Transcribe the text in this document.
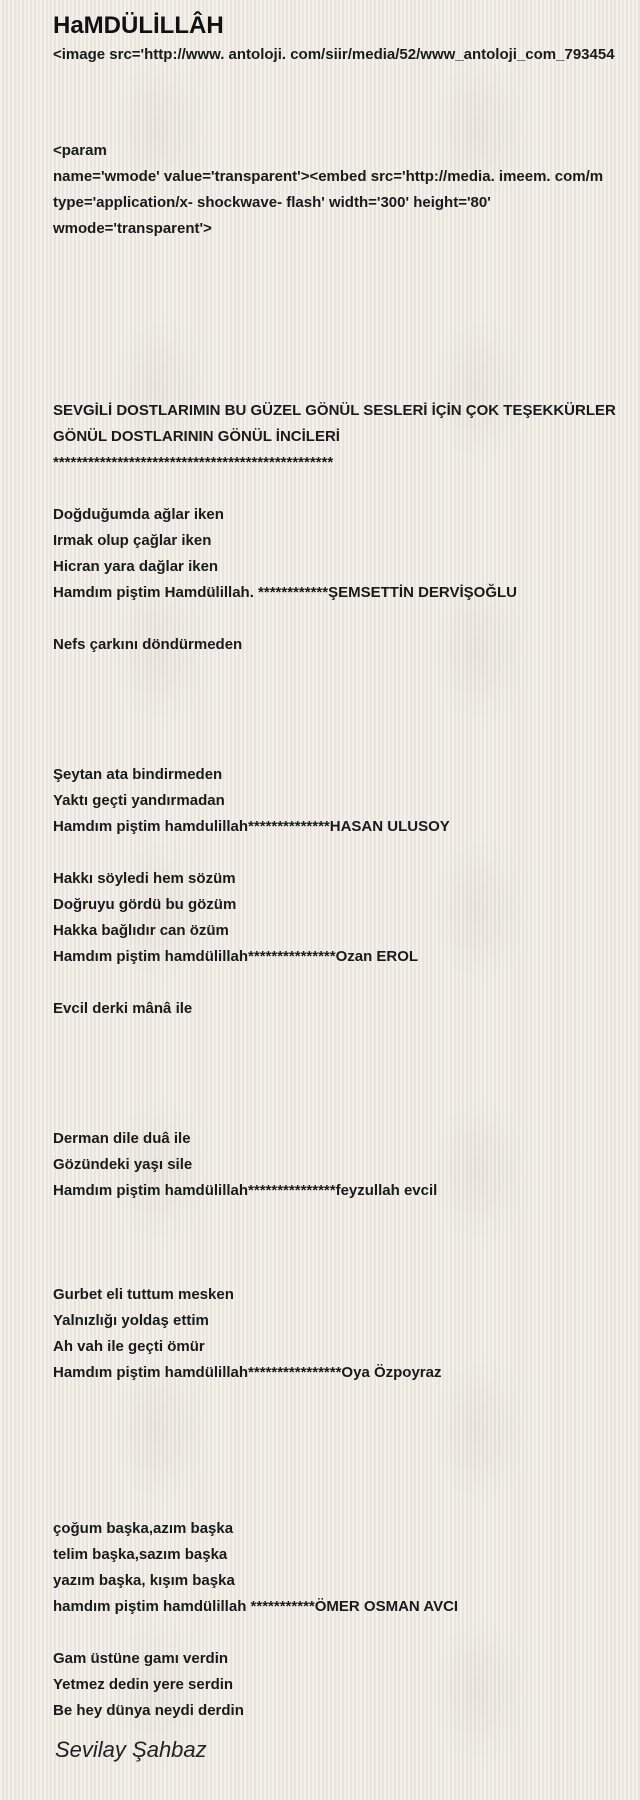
HaMDÜLİLLÂH
<image src='http://www. antoloji. com/siir/media/52/www_antoloji_com_793454
<param
name='wmode' value='transparent'><embed src='http://media. imeem. com/m
type='application/x- shockwave- flash' width='300' height='80'
wmode='transparent'>
SEVGİLİ DOSTLARIMIN BU GÜZEL GÖNÜL SESLERİ İÇİN ÇOK TEŞEKKÜRLER
GÖNÜL DOSTLARININ GÖNÜL İNCİLERİ
************************************************
Doğduğumda ağlar iken
Irmak olup çağlar iken
Hicran yara dağlar iken
Hamdım piştim Hamdülillah. ************ŞEMSETTİN DERVİŞOĞLU
Nefs çarkını döndürmeden
Şeytan ata bindirmeden
Yaktı geçti yandırmadan
Hamdım piştim hamdulillah**************HASAN ULUSOY
Hakkı söyledi hem sözüm
Doğruyu gördü bu gözüm
Hakka bağlıdır can özüm
Hamdım piştim hamdülillah***************Ozan EROL
Evcil derki mânâ ile
Derman dile duâ ile
Gözündeki yaşı sile
Hamdım piştim hamdülillah***************feyzullah evcil
Gurbet eli tuttum mesken
Yalnızlığı yoldaş ettim
Ah vah ile geçti ömür
Hamdım piştim hamdülillah****************Oya Özpoyraz
çoğum başka,azım başka
telim başka,sazım başka
yazım başka, kışım başka
hamdım piştim hamdülillah ***********ÖMER OSMAN AVCI
Gam üstüne gamı verdin
Yetmez dedin yere serdin
Be hey dünya neydi derdin
Sevilay Şahbaz
